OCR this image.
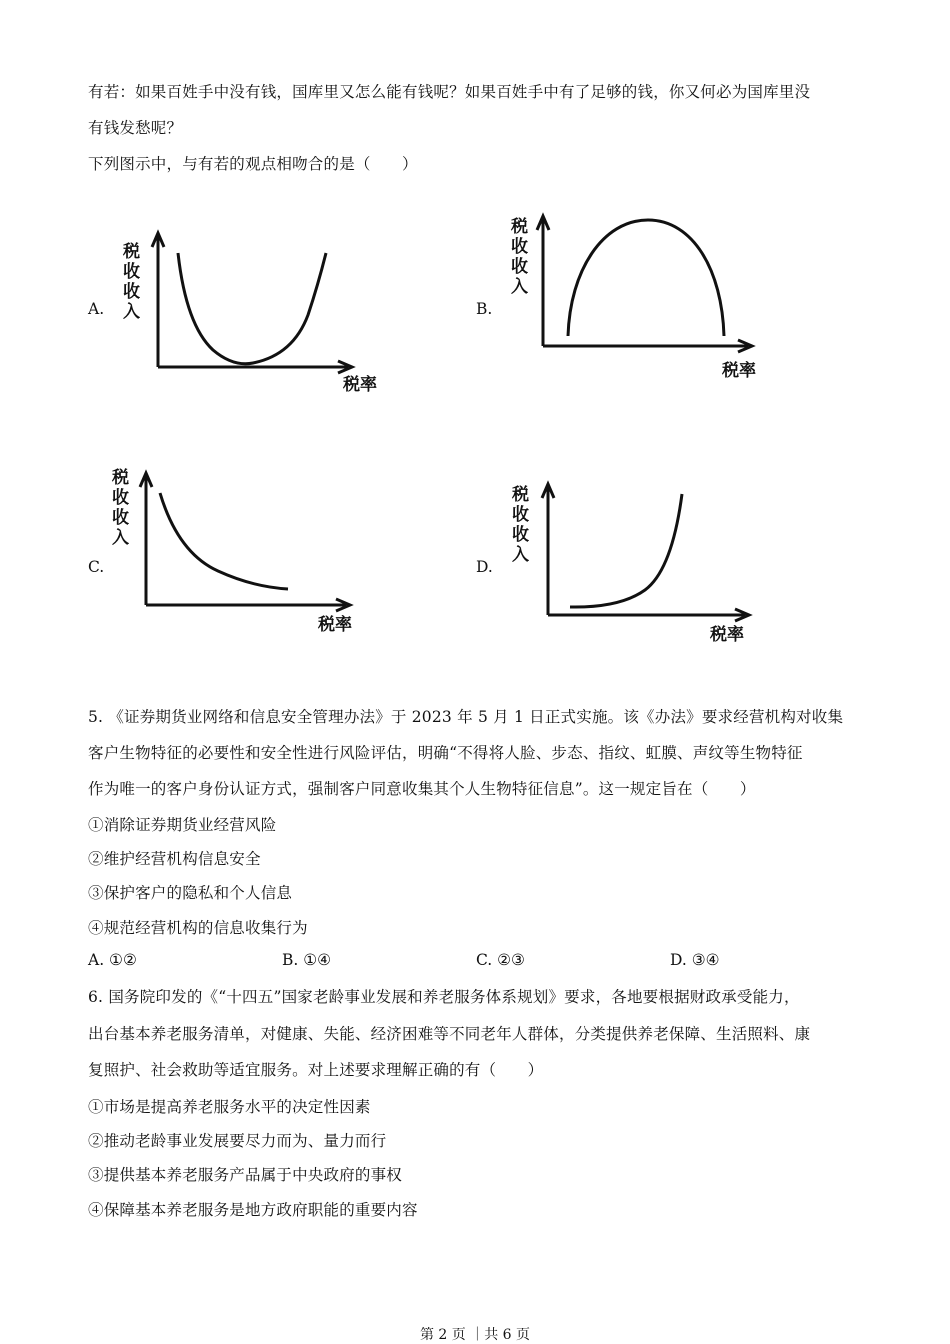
有若：如果百姓手中没有钱，国库里又怎么能有钱呢？如果百姓手中有了足够的钱，你又何必为国库里没
有钱发愁呢？
下列图示中，与有若的观点相吻合的是（　　）
A.
税
收
收
入
税率
B.
税
收
收
入
税率
C.
税
收
收
入
税率
D.
税
收
收
入
税率
5. 《证券期货业网络和信息安全管理办法》于 2023 年 5 月 1 日正式实施。该《办法》要求经营机构对收集
客户生物特征的必要性和安全性进行风险评估，明确“不得将人脸、步态、指纹、虹膜、声纹等生物特征
作为唯一的客户身份认证方式，强制客户同意收集其个人生物特征信息”。这一规定旨在（　　）
①消除证券期货业经营风险
②维护经营机构信息安全
③保护客户的隐私和个人信息
④规范经营机构的信息收集行为
A. ①②	B. ①④	C. ②③	D. ③④
6. 国务院印发的《“十四五”国家老龄事业发展和养老服务体系规划》要求，各地要根据财政承受能力，
出台基本养老服务清单，对健康、失能、经济困难等不同老年人群体，分类提供养老保障、生活照料、康
复照护、社会救助等适宜服务。对上述要求理解正确的有（　　）
①市场是提高养老服务水平的决定性因素
②推动老龄事业发展要尽力而为、量力而行
③提供基本养老服务产品属于中央政府的事权
④保障基本养老服务是地方政府职能的重要内容
第 2 页 ｜共 6 页
